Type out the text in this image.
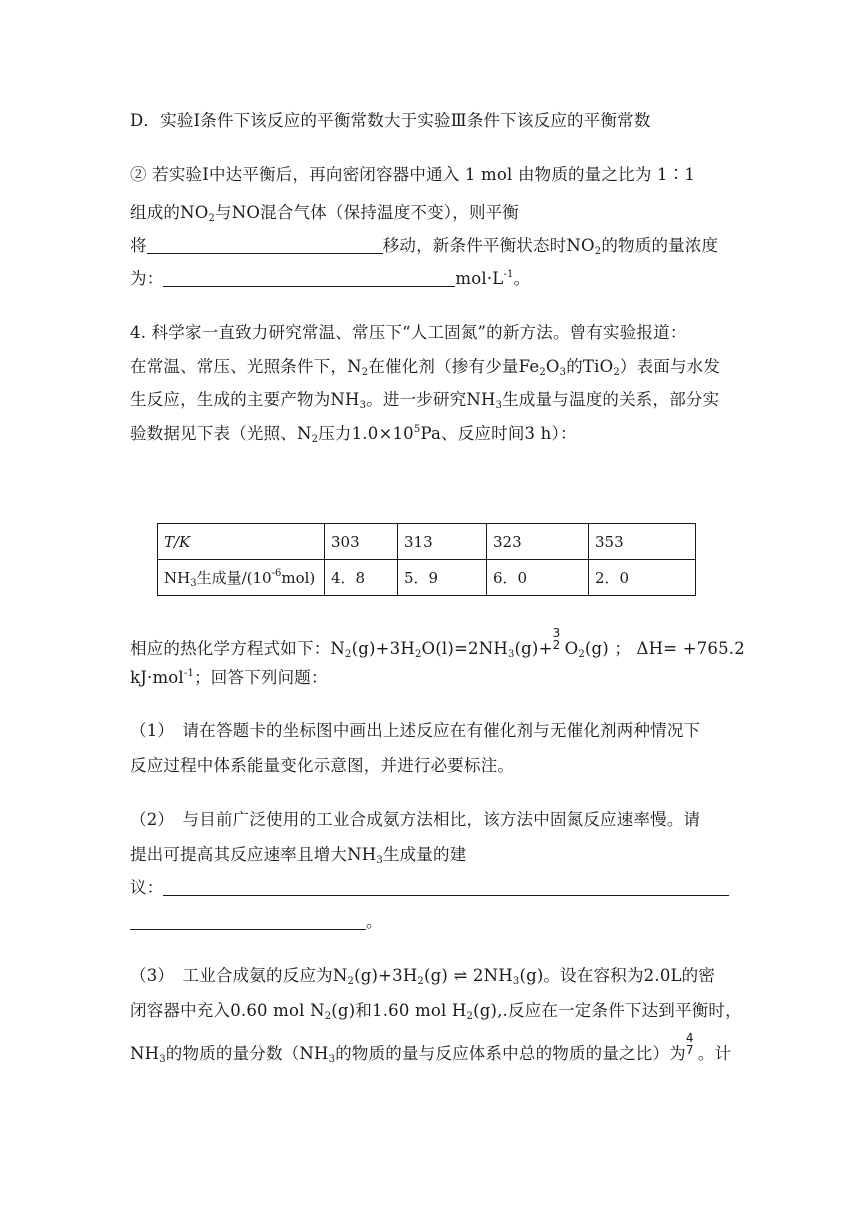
D．实验Ⅰ条件下该反应的平衡常数大于实验Ⅲ条件下该反应的平衡常数
② 若实验Ⅰ中达平衡后，再向密闭容器中通入 1 mol 由物质的量之比为 1∶1
组成的$NO_2$与NO混合气体（保持温度不变），则平衡
将	移动，新条件平衡状态时$NO_2$的物质的量浓度
为：	$mol\cdot L^{-1}$。
4. 科学家一直致力研究常温、常压下“人工固氮”的新方法。曾有实验报道：
在常温、常压、光照条件下，$N_2$在催化剂（掺有少量$Fe_2O_3$的TiO$_2$）表面与水发
生反应，生成的主要产物为$NH_3$。进一步研究$NH_3$生成量与温度的关系，部分实
验数据见下表（光照、$N_2$压力$1.0\times 10^5Pa$、反应时间3 h）：
T/K	303	313	323	353
$NH_3$生成量$/(10^{-6}mol)$	4．8	5．9	6．0	2．0
相应的热化学方程式如下：$N_2(g)+3H_2O(l)=2NH_3(g)+$
3
2 $O_2(g)$ ； ΔH= +765.2
kJ·mol$^{-1}$；回答下列问题：
（1）　请在答题卡的坐标图中画出上述反应在有催化剂与无催化剂两种情况下
反应过程中体系能量变化示意图，并进行必要标注。
（2）　与目前广泛使用的工业合成氨方法相比，该方法中固氮反应速率慢。请
提出可提高其反应速率且增大$NH_3$生成量的建
议：
。
（3）　工业合成氨的反应为$N_2(g)+3H_2(g)$ ⇌ $2NH_3(g)$。设在容积为2.0L的密
闭容器中充入0.60 mol $N_2(g)$和1.60 mol $H_2(g)$,.反应在一定条件下达到平衡时，
$NH_3$的物质的量分数（$NH_3$的物质的量与反应体系中总的物质的量之比）为
4
7 。计
